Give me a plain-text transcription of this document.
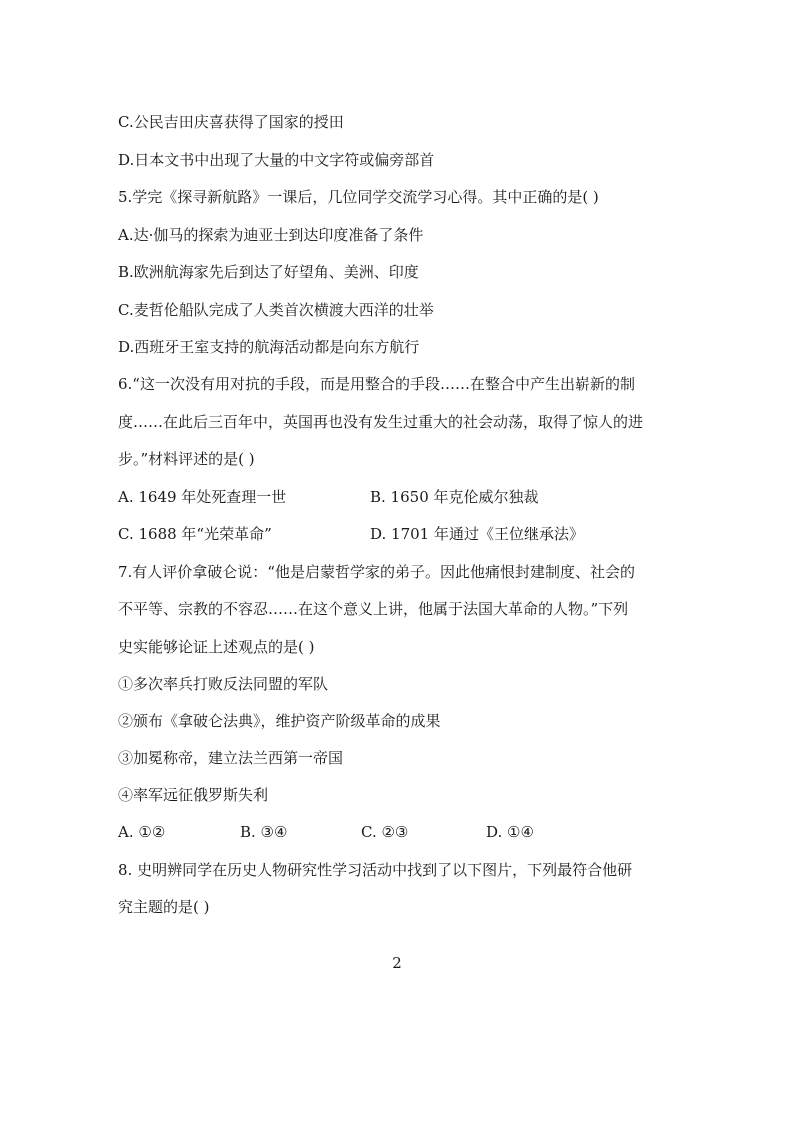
C.公民吉田庆喜获得了国家的授田
D.日本文书中出现了大量的中文字符或偏旁部首
5.学完《探寻新航路》一课后，几位同学交流学习心得。其中正确的是( )
A.达·伽马的探索为迪亚士到达印度准备了条件
B.欧洲航海家先后到达了好望角、美洲、印度
C.麦哲伦船队完成了人类首次横渡大西洋的壮举
D.西班牙王室支持的航海活动都是向东方航行
6.“这一次没有用对抗的手段，而是用整合的手段……在整合中产生出崭新的制
度……在此后三百年中，英国再也没有发生过重大的社会动荡，取得了惊人的进
步。”材料评述的是( )
A. 1649 年处死查理一世	B. 1650 年克伦威尔独裁
C. 1688 年“光荣革命”	D. 1701 年通过《王位继承法》
7.有人评价拿破仑说：“他是启蒙哲学家的弟子。因此他痛恨封建制度、社会的
不平等、宗教的不容忍……在这个意义上讲，他属于法国大革命的人物。”下列
史实能够论证上述观点的是( )
①多次率兵打败反法同盟的军队
②颁布《拿破仑法典》，维护资产阶级革命的成果
③加冕称帝，建立法兰西第一帝国
④率军远征俄罗斯失利
A. ①②	B. ③④	C. ②③	D. ①④
8. 史明辨同学在历史人物研究性学习活动中找到了以下图片，下列最符合他研
究主题的是( )
2
